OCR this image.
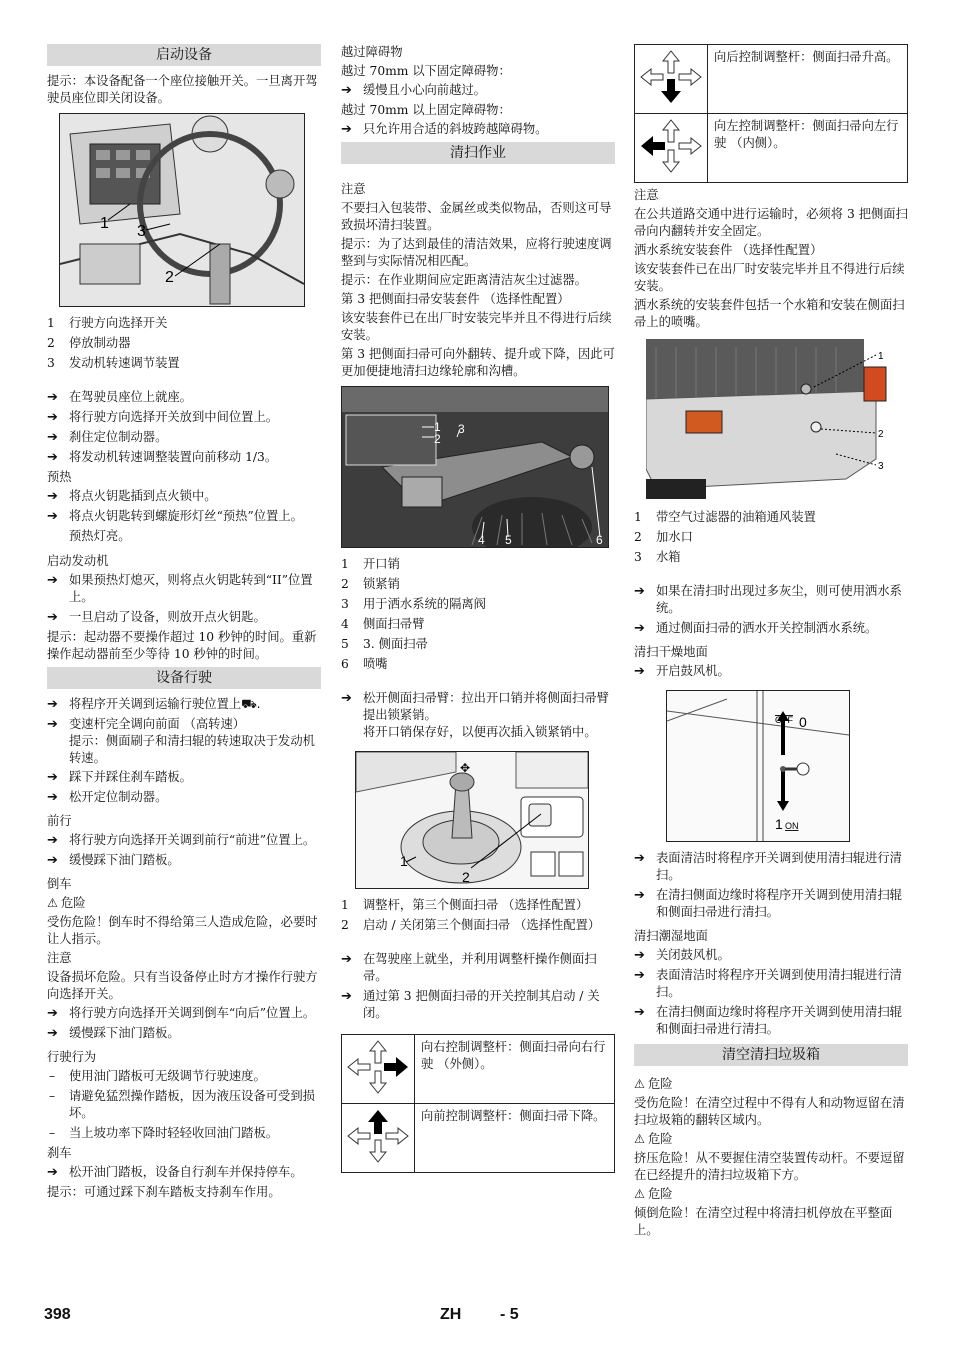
启动设备

提示：本设备配备一个座位接触开关。一旦离开驾驶员座位即关闭设备。

1 3
2
1 行驶方向选择开关
2 停放制动器
3 发动机转速调节装置
➔ 在驾驶员座位上就座。
➔ 将行驶方向选择开关放到中间位置上。
➔ 刹住定位制动器。
➔ 将发动机转速调整装置向前移动 1/3。

预热

➔ 将点火钥匙插到点火锁中。
➔ 将点火钥匙转到螺旋形灯丝“预热”位置上。

预热灯亮。

启动发动机

➔ 如果预热灯熄灭，则将点火钥匙转到“II”位置上。
➔ 一旦启动了设备，则放开点火钥匙。

提示：起动器不要操作超过 10 秒钟的时间。重新操作起动器前至少等待 10 秒钟的时间。

设备行驶
➔ 将程序开关调到运输行驶位置上⛟.
➔ 变速杆完全调向前面 （高转速）

提示：侧面刷子和清扫辊的转速取决于发动机转速。

➔ 踩下并踩住刹车踏板。
➔ 松开定位制动器。

前行

➔ 将行驶方向选择开关调到前行“前进”位置上。
➔ 缓慢踩下油门踏板。

倒车

⚠ 危险

受伤危险！倒车时不得给第三人造成危险，必要时让人指示。

注意

设备损坏危险。只有当设备停止时方才操作行驶方向选择开关。

➔ 将行驶方向选择开关调到倒车“向后”位置上。
➔ 缓慢踩下油门踏板。

行驶行为

– 使用油门踏板可无级调节行驶速度。
– 请避免猛烈操作踏板，因为液压设备可受到损坏。
– 当上坡功率下降时轻轻收回油门踏板。

刹车

➔ 松开油门踏板，设备自行刹车并保持停车。

提示：可通过踩下刹车踏板支持刹车作用。

越过障碍物

越过 70mm 以下固定障碍物：

➔ 缓慢且小心向前越过。

越过 70mm 以上固定障碍物：

➔ 只允许用合适的斜坡跨越障碍物。
清扫作业

注意

不要扫入包装带、金属丝或类似物品，否则这可导致损坏清扫装置。

提示：为了达到最佳的清洁效果，应将行驶速度调整到与实际情况相匹配。

提示：在作业期间应定距离清洁灰尘过滤器。

第 3 把侧面扫帚安装套件 （选择性配置）

该安装套件已在出厂时安装完毕并且不得进行后续安装。

第 3 把侧面扫帚可向外翻转、提升或下降，因此可更加便捷地清扫边缘轮廓和沟槽。

1
2
3
4 5	6
1 开口销
2 锁紧销
3 用于洒水系统的隔离阀
4 侧面扫帚臂
5 3. 侧面扫帚
6 喷嘴
➔ 松开侧面扫帚臂：拉出开口销并将侧面扫帚臂提出锁紧销。

将开口销保存好，以便再次插入锁紧销中。

✥
1
2
1 调整杆，第三个侧面扫帚 （选择性配置）
2 启动 / 关闭第三个侧面扫帚 （选择性配置）
➔ 在驾驶座上就坐，并利用调整杆操作侧面扫帚。
➔ 通过第 3 把侧面扫帚的开关控制其启动 / 关闭。
	向右控制调整杆：侧面扫帚向右行驶 （外侧）。
	向前控制调整杆：侧面扫帚下降。
	向后控制调整杆：侧面扫帚升高。
	向左控制调整杆：侧面扫帚向左行驶 （内侧）。

注意

在公共道路交通中进行运输时，必须将 3 把侧面扫帚向内翻转并安全固定。

洒水系统安装套件 （选择性配置）

该安装套件已在出厂时安装完毕并且不得进行后续安装。

洒水系统的安装套件包括一个水箱和安装在侧面扫帚上的喷嘴。

1
2
3
1 带空气过滤器的油箱通风装置
2 加水口
3 水箱
➔ 如果在清扫时出现过多灰尘，则可使用洒水系统。
➔ 通过侧面扫帚的洒水开关控制洒水系统。

清扫干燥地面

➔ 开启鼓风机。
OFF 0
1 ON
➔ 表面清洁时将程序开关调到使用清扫辊进行清扫。
➔ 在清扫侧面边缘时将程序开关调到使用清扫辊和侧面扫帚进行清扫。

清扫潮湿地面

➔ 关闭鼓风机。
➔ 表面清洁时将程序开关调到使用清扫辊进行清扫。
➔ 在清扫侧面边缘时将程序开关调到使用清扫辊和侧面扫帚进行清扫。
清空清扫垃圾箱

⚠ 危险

受伤危险！在清空过程中不得有人和动物逗留在清扫垃圾箱的翻转区域内。

⚠ 危险

挤压危险！从不要握住清空装置传动杆。不要逗留在已经提升的清扫垃圾箱下方。

⚠ 危险

倾倒危险！在清空过程中将清扫机停放在平整面上。

398	ZH - 5
